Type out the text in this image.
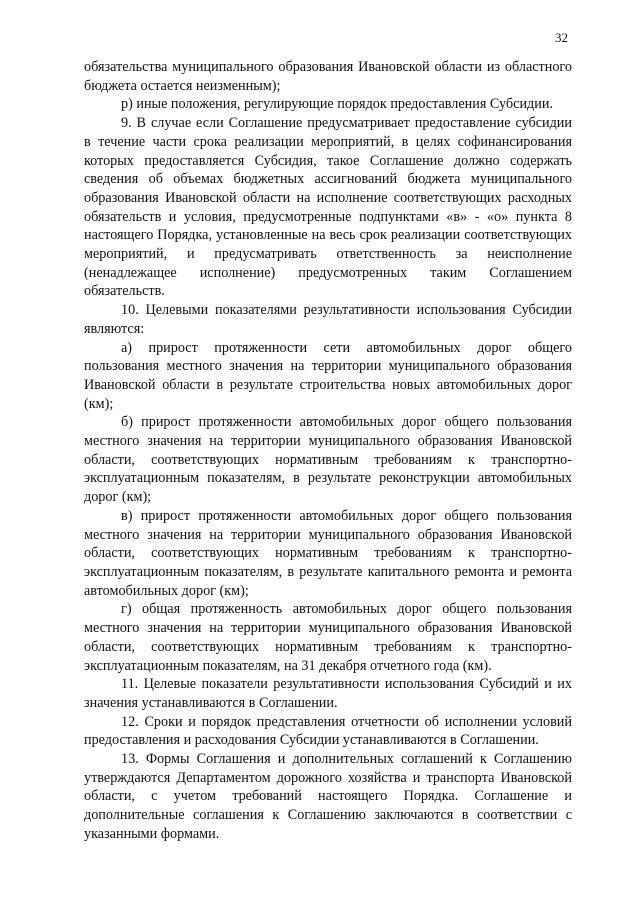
32

обязательства муниципального образования Ивановской области из областного бюджета остается неизменным);

р) иные положения, регулирующие порядок предоставления Субсидии.

9. В случае если Соглашение предусматривает предоставление субсидии в течение части срока реализации мероприятий, в целях софинансирования которых предоставляется Субсидия, такое Соглашение должно содержать сведения об объемах бюджетных ассигнований бюджета муниципального образования Ивановской области на исполнение соответствующих расходных обязательств и условия, предусмотренные подпунктами «в» - «о» пункта 8 настоящего Порядка, установленные на весь срок реализации соответствующих мероприятий, и предусматривать ответственность за неисполнение (ненадлежащее исполнение) предусмотренных таким Соглашением обязательств.

10. Целевыми показателями результативности использования Субсидии являются:

а) прирост протяженности сети автомобильных дорог общего пользования местного значения на территории муниципального образования Ивановской области в результате строительства новых автомобильных дорог (км);

б) прирост протяженности автомобильных дорог общего пользования местного значения на территории муниципального образования Ивановской области, соответствующих нормативным требованиям к транспортно-эксплуатационным показателям, в результате реконструкции автомобильных дорог (км);

в) прирост протяженности автомобильных дорог общего пользования местного значения на территории муниципального образования Ивановской области, соответствующих нормативным требованиям к транспортно-эксплуатационным показателям, в результате капитального ремонта и ремонта автомобильных дорог (км);

г) общая протяженность автомобильных дорог общего пользования местного значения на территории муниципального образования Ивановской области, соответствующих нормативным требованиям к транспортно-эксплуатационным показателям, на 31 декабря отчетного года (км).

11. Целевые показатели результативности использования Субсидий и их значения устанавливаются в Соглашении.

12. Сроки и порядок представления отчетности об исполнении условий предоставления и расходования Субсидии устанавливаются в Соглашении.

13. Формы Соглашения и дополнительных соглашений к Соглашению утверждаются Департаментом дорожного хозяйства и транспорта Ивановской области, с учетом требований настоящего Порядка. Соглашение и дополнительные соглашения к Соглашению заключаются в соответствии с указанными формами.
